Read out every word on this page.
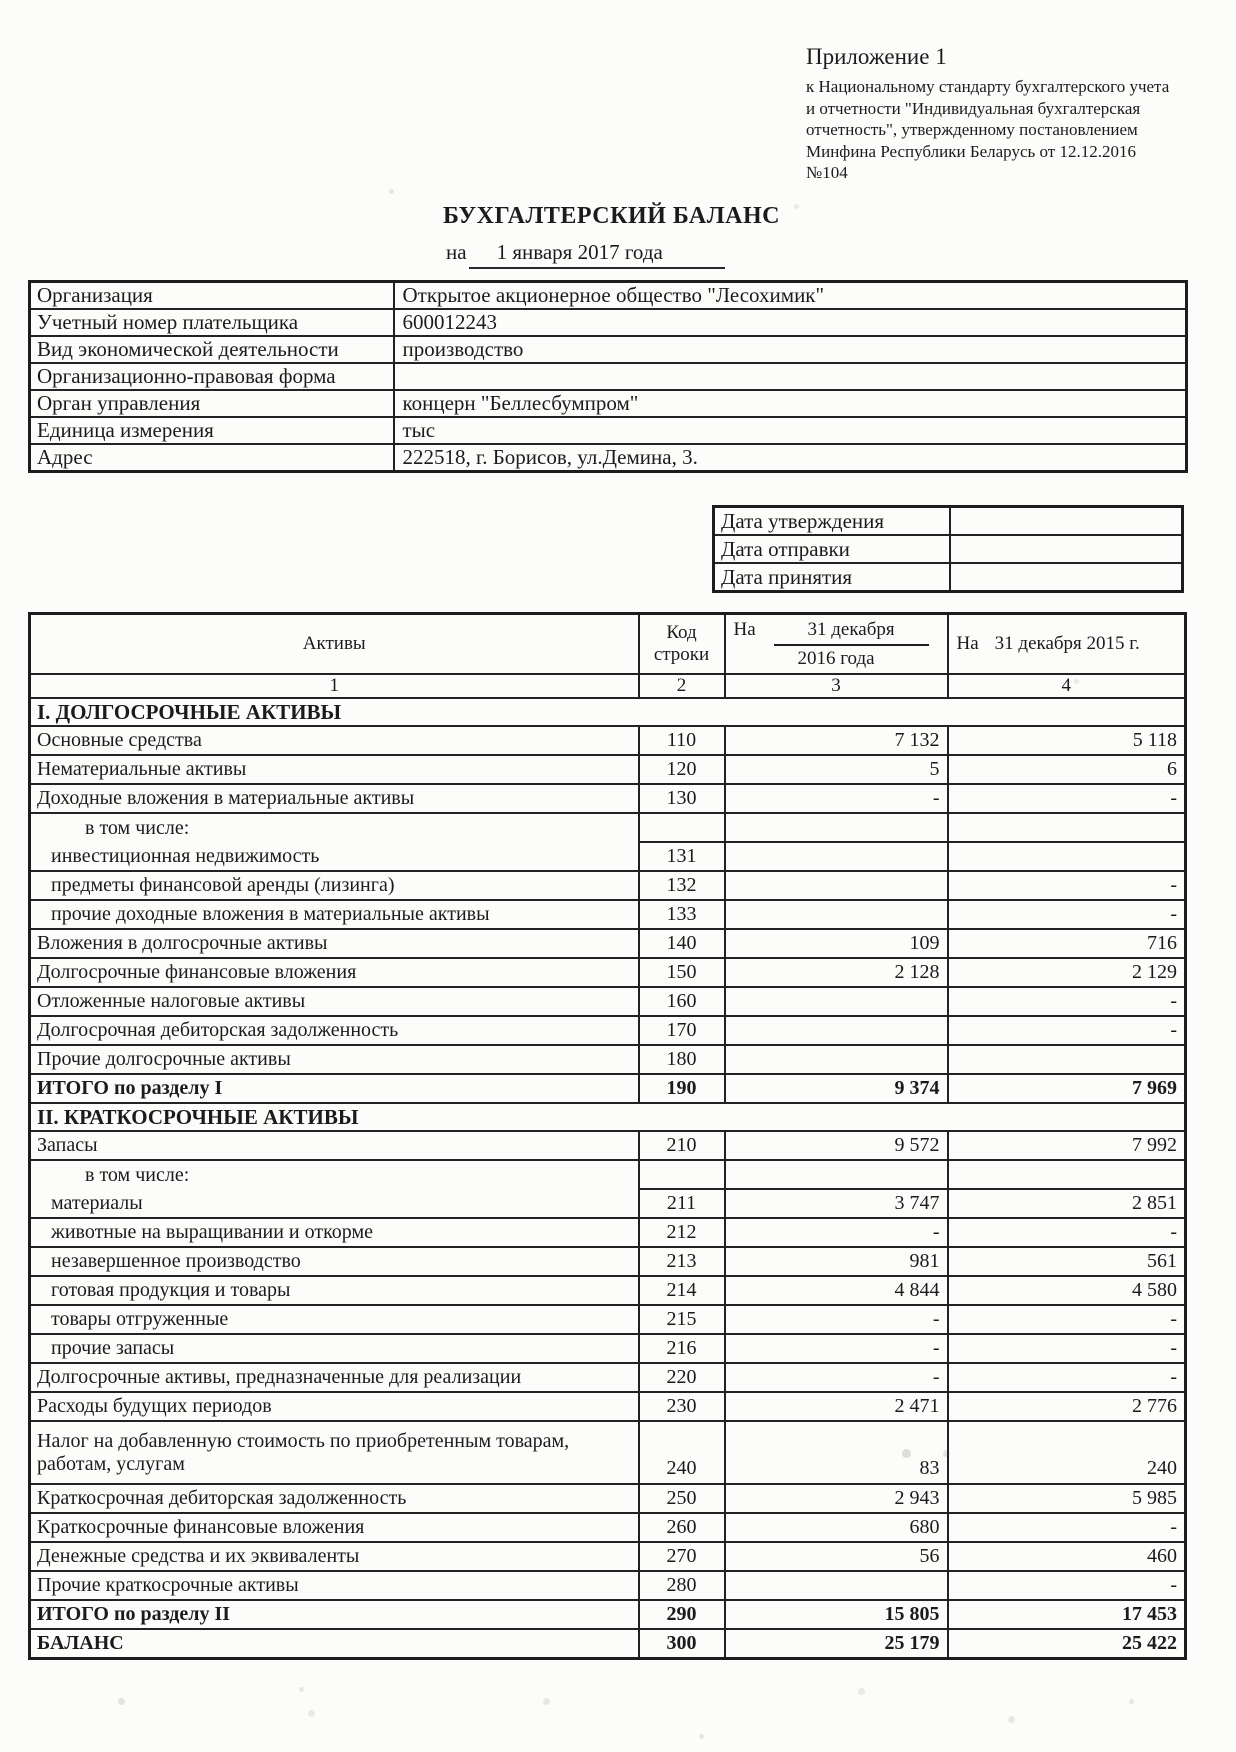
Приложение 1
к Национальному стандарту бухгалтерского учета
и отчетности "Индивидуальная бухгалтерская
отчетность", утвержденному постановлением
Минфина Республики Беларусь от 12.12.2016
№104
БУХГАЛТЕРСКИЙ БАЛАНС
на 1 января 2017 года
Организация	Открытое акционерное общество "Лесохимик"
Учетный номер плательщика	600012243
Вид экономической деятельности	производство
Организационно-правовая форма	
Орган управления	концерн "Беллесбумпром"
Единица измерения	тыс
Адрес	222518, г. Борисов, ул.Демина, 3.
Дата утверждения	
Дата отправки	
Дата принятия	
Активы	
Код
строки

На	31 декабря
2016 года

На 31 декабря 2015 г.

1	2	3	4
I. ДОЛГОСРОЧНЫЕ АКТИВЫ			
Основные средства	110	7 132	5 118
Нематериальные активы	120	5	6
Доходные вложения в материальные активы	130	-	-
в том числе:			
инвестиционная недвижимость	131		
предметы финансовой аренды (лизинга)	132		-
прочие доходные вложения в материальные активы	133		-
Вложения в долгосрочные активы	140	109	716
Долгосрочные финансовые вложения	150	2 128	2 129
Отложенные налоговые активы	160		-
Долгосрочная дебиторская задолженность	170		-
Прочие долгосрочные активы	180		
ИТОГО по разделу I	190	9 374	7 969
II. КРАТКОСРОЧНЫЕ АКТИВЫ			
Запасы	210	9 572	7 992
в том числе:			
материалы	211	3 747	2 851
животные на выращивании и откорме	212	-	-
незавершенное производство	213	981	561
готовая продукция и товары	214	4 844	4 580
товары отгруженные	215	-	-
прочие запасы	216	-	-
Долгосрочные активы, предназначенные для реализации	220	-	-
Расходы будущих периодов	230	2 471	2 776
Налог на добавленную стоимость по приобретенным товарам, работам, услугам	240	83	240
Краткосрочная дебиторская задолженность	250	2 943	5 985
Краткосрочные финансовые вложения	260	680	-
Денежные средства и их эквиваленты	270	56	460
Прочие краткосрочные активы	280		-
ИТОГО по разделу II	290	15 805	17 453
БАЛАНС	300	25 179	25 422
